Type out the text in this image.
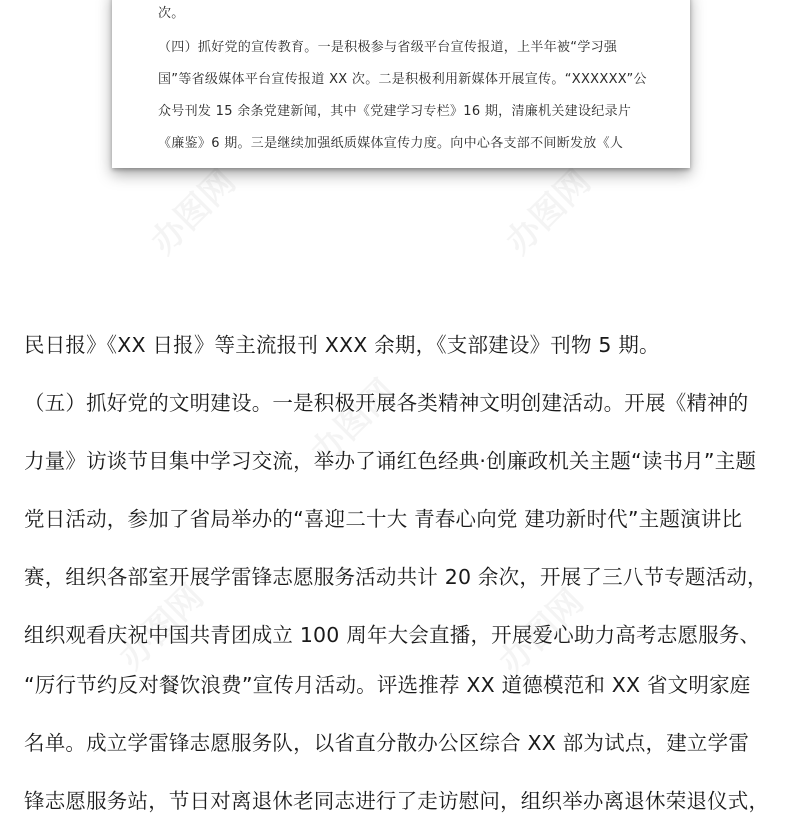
办图网	办图网
办图网
办图网	办图网
次。
（四）抓好党的宣传教育。一是积极参与省级平台宣传报道，上半年被“学习强
国”等省级媒体平台宣传报道 XX 次。二是积极利用新媒体开展宣传。“XXXXXX”公
众号刊发 15 余条党建新闻，其中《党建学习专栏》16 期，清廉机关建设纪录片
《廉鉴》6 期。三是继续加强纸质媒体宣传力度。向中心各支部不间断发放《人
民日报》《XX 日报》等主流报刊 XXX 余期，《支部建设》刊物 5 期。
（五）抓好党的文明建设。一是积极开展各类精神文明创建活动。开展《精神的
力量》访谈节目集中学习交流，举办了诵红色经典·创廉政机关主题“读书月”主题
党日活动，参加了省局举办的“喜迎二十大 青春心向党 建功新时代”主题演讲比
赛，组织各部室开展学雷锋志愿服务活动共计 20 余次，开展了三八节专题活动，
组织观看庆祝中国共青团成立 100 周年大会直播，开展爱心助力高考志愿服务、
“厉行节约反对餐饮浪费”宣传月活动。评选推荐 XX 道德模范和 XX 省文明家庭
名单。成立学雷锋志愿服务队，以省直分散办公区综合 XX 部为试点，建立学雷
锋志愿服务站，节日对离退休老同志进行了走访慰问，组织举办离退休荣退仪式，
